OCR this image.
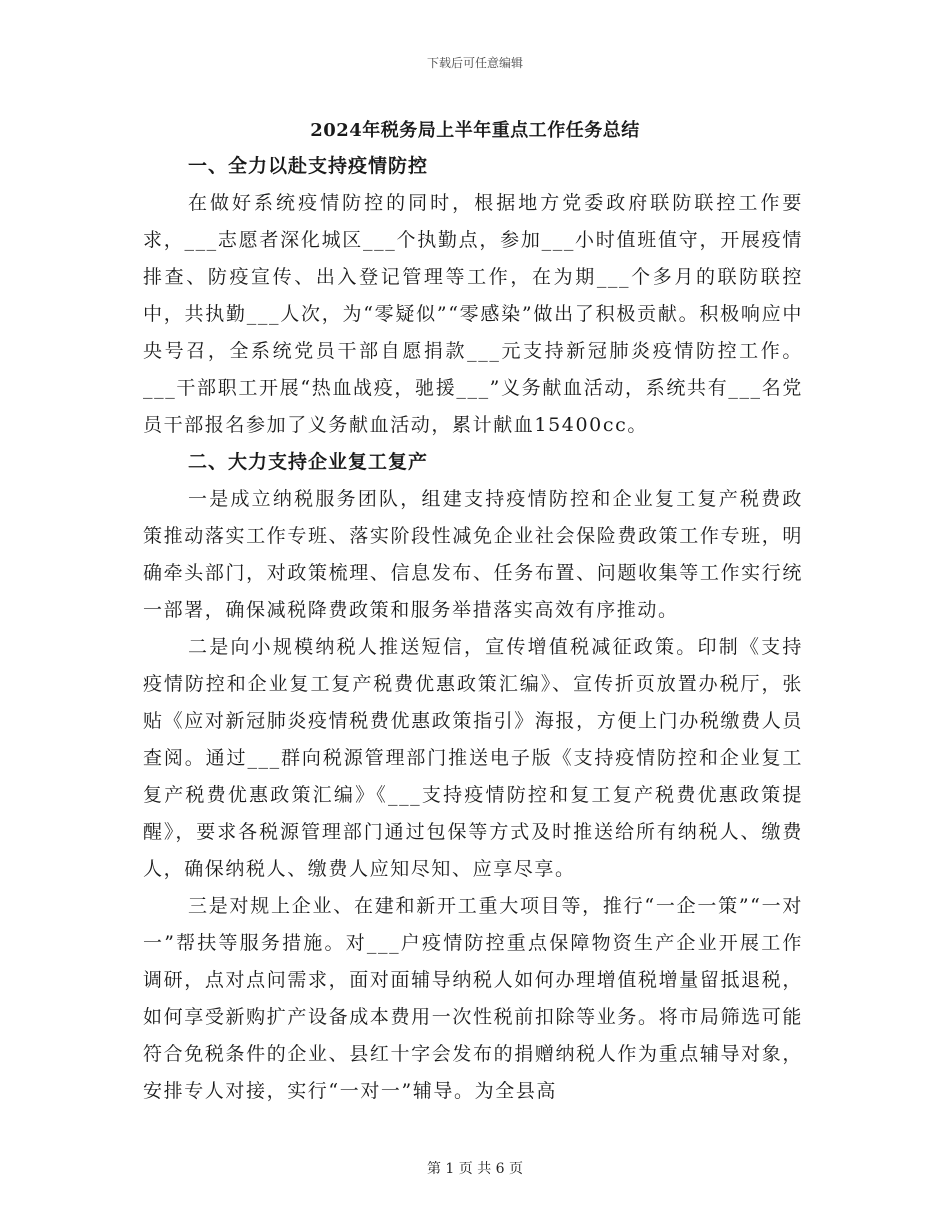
下载后可任意编辑
2024年税务局上半年重点工作任务总结
一、全力以赴支持疫情防控

在做好系统疫情防控的同时，根据地方党委政府联防联控工作要求，___志愿者深化城区___个执勤点，参加___小时值班值守，开展疫情排查、防疫宣传、出入登记管理等工作，在为期___个多月的联防联控中，共执勤___人次，为“零疑似”“零感染”做出了积极贡献。积极响应中央号召，全系统党员干部自愿捐款___元支持新冠肺炎疫情防控工作。___干部职工开展“热血战疫，驰援___”义务献血活动，系统共有___名党员干部报名参加了义务献血活动，累计献血15400cc。

二、大力支持企业复工复产

一是成立纳税服务团队，组建支持疫情防控和企业复工复产税费政策推动落实工作专班、落实阶段性减免企业社会保险费政策工作专班，明确牵头部门，对政策梳理、信息发布、任务布置、问题收集等工作实行统一部署，确保减税降费政策和服务举措落实高效有序推动。

二是向小规模纳税人推送短信，宣传增值税减征政策。印制《支持疫情防控和企业复工复产税费优惠政策汇编》、宣传折页放置办税厅，张贴《应对新冠肺炎疫情税费优惠政策指引》海报，方便上门办税缴费人员查阅。通过___群向税源管理部门推送电子版《支持疫情防控和企业复工复产税费优惠政策汇编》《___支持疫情防控和复工复产税费优惠政策提醒》，要求各税源管理部门通过包保等方式及时推送给所有纳税人、缴费人，确保纳税人、缴费人应知尽知、应享尽享。

三是对规上企业、在建和新开工重大项目等，推行“一企一策”“一对一”帮扶等服务措施。对___户疫情防控重点保障物资生产企业开展工作调研，点对点问需求，面对面辅导纳税人如何办理增值税增量留抵退税，如何享受新购扩产设备成本费用一次性税前扣除等业务。将市局筛选可能符合免税条件的企业、县红十字会发布的捐赠纳税人作为重点辅导对象，安排专人对接，实行“一对一”辅导。为全县高

第 1 页 共 6 页
